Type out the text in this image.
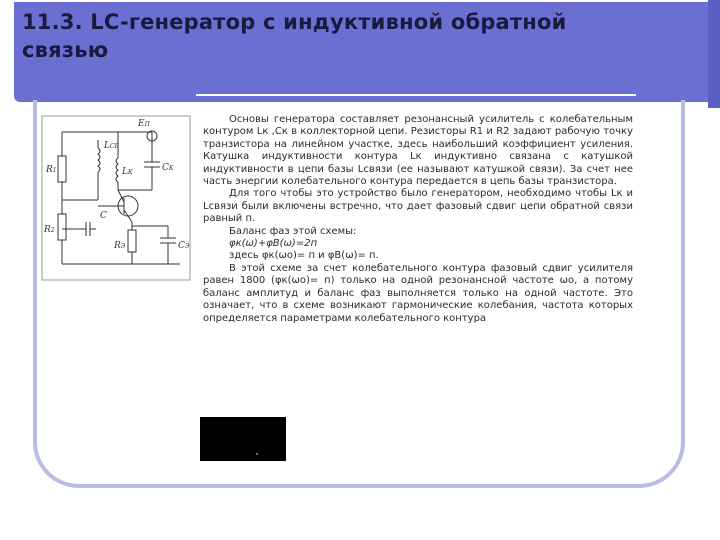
11.3. LC-генератор с индуктивной обратной
связью
EП
LСВ
R1	LК	CК
C
R2
RЭ	CЭ

Основы генератора составляет резонансный усилитель с колебательным контуром Lк ,Cк в коллекторной цепи. Резисторы R1 и R2 задают рабочую точку транзистора на линейном участке, здесь наибольший коэффициент усиления. Катушка индуктивности контура Lк индуктивно связана с катушкой индуктивности в цепи базы Lсвязи (ее называют катушкой связи). За счет нее часть энергии колебательного контура передается в цепь базы транзистора.

Для того чтобы это устройство было генератором, необходимо чтобы Lк и Lсвязи были включены встречно, что дает фазовый сдвиг цепи обратной связи равный п.

Баланс фаз этой схемы:

φк(ω)+φВ(ω)=2п

здесь φк(ωо)= п и φВ(ω)= п.

В этой схеме за счет колебательного контура фазовый сдвиг усилителя равен 1800 (φк(ωо)= п) только на одной резонансной частоте ωо, а потому баланс амплитуд и баланс фаз выполняется только на одной частоте. Это означает, что в схеме возникают гармонические колебания, частота которых определяется параметрами колебательного контура
